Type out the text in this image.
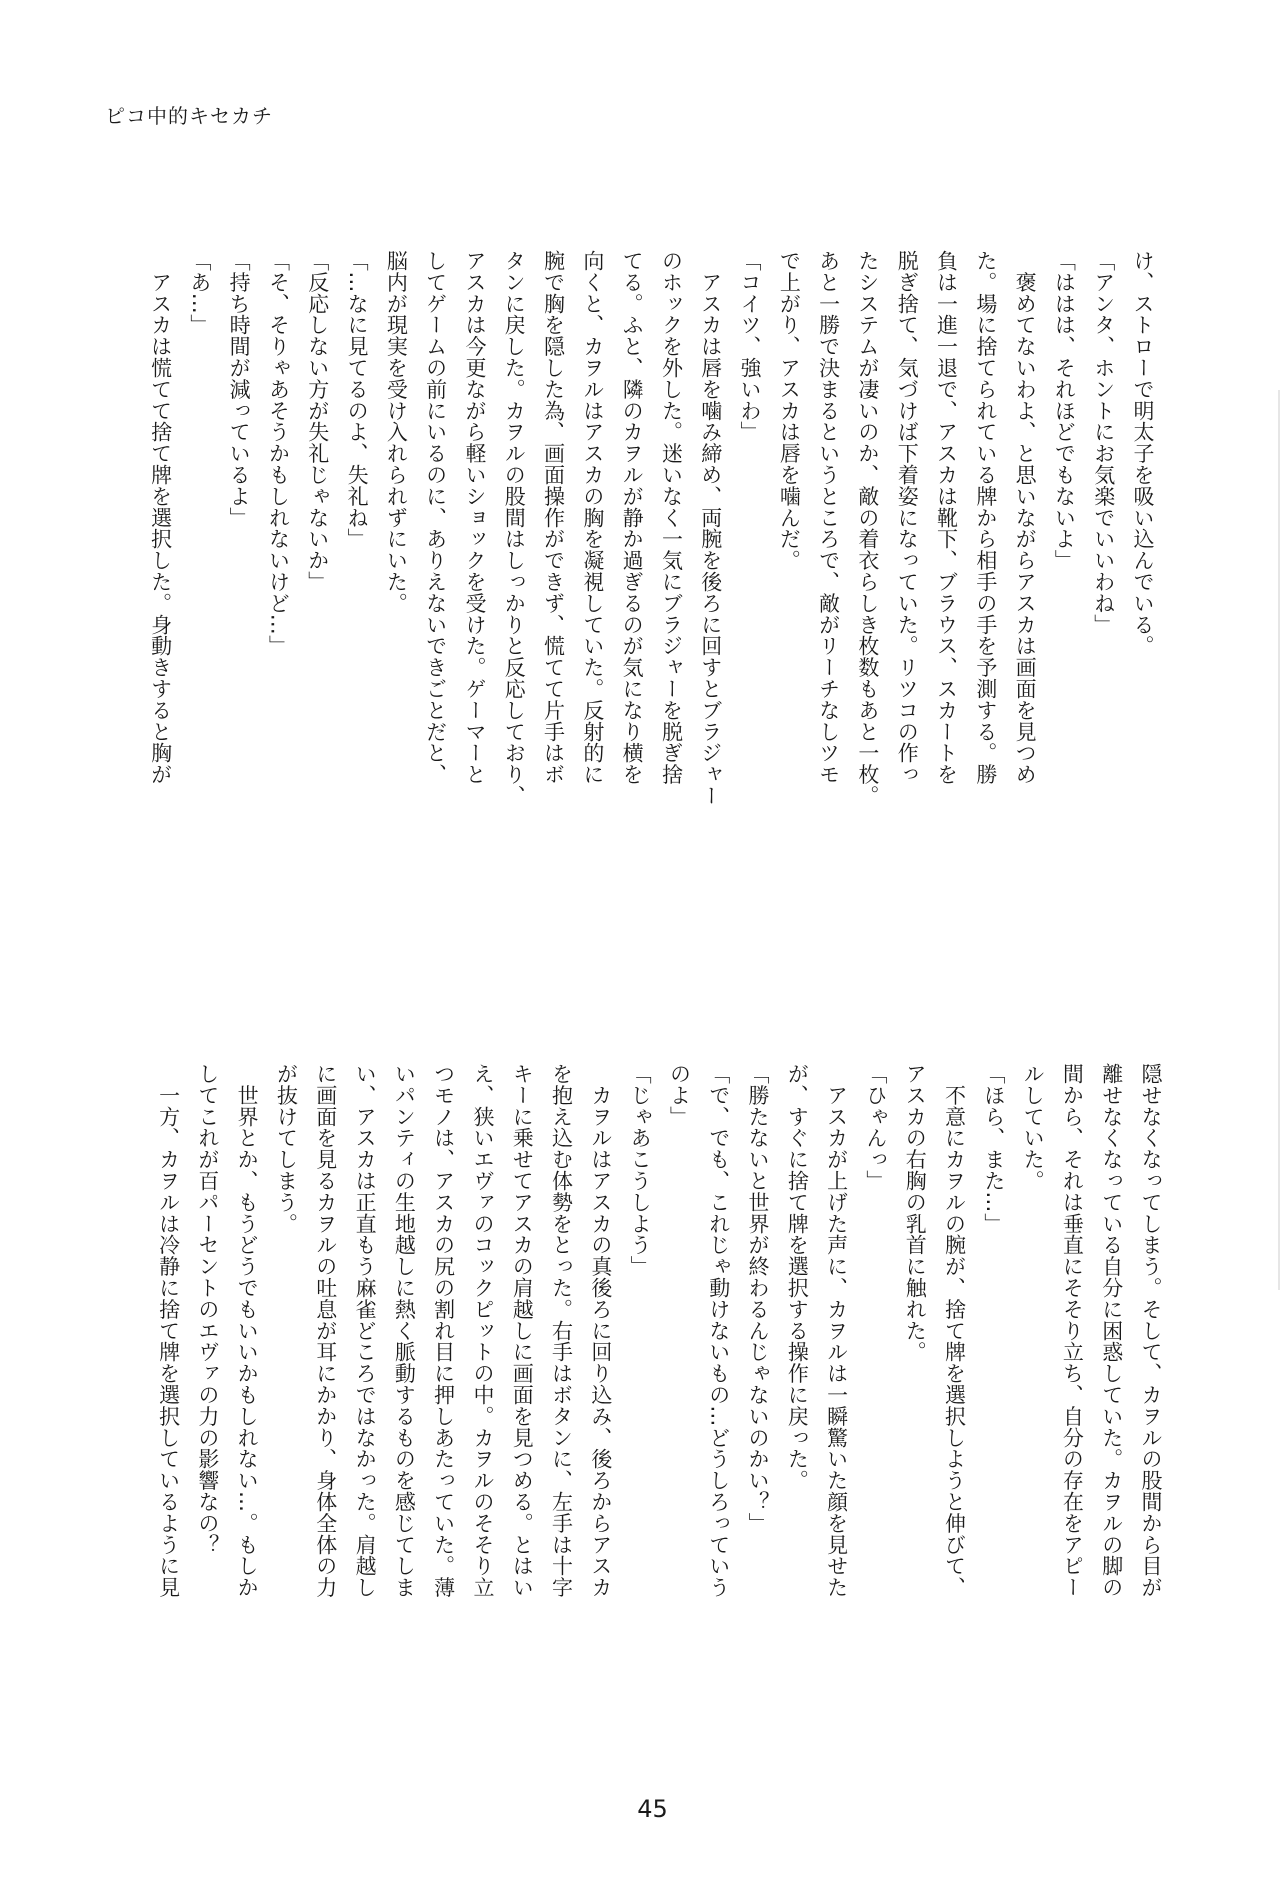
ピコ中的キセカチ
け、ストローで明太子を吸い込んでいる。
「アンタ、ホントにお気楽でいいわね」
「ははは、それほどでもないよ」
　褒めてないわよ、と思いながらアスカは画面を見つめ
た。場に捨てられている牌から相手の手を予測する。勝
負は一進一退で、アスカは靴下、ブラウス、スカートを
脱ぎ捨て、気づけば下着姿になっていた。リツコの作っ
たシステムが凄いのか、敵の着衣らしき枚数もあと一枚。
あと一勝で決まるというところで、敵がリーチなしツモ
で上がり、アスカは唇を噛んだ。
「コイツ、強いわ」
　アスカは唇を噛み締め、両腕を後ろに回すとブラジャー
のホックを外した。迷いなく一気にブラジャーを脱ぎ捨
てる。ふと、隣のカヲルが静か過ぎるのが気になり横を
向くと、カヲルはアスカの胸を凝視していた。反射的に
腕で胸を隠した為、画面操作ができず、慌てて片手はボ
タンに戻した。カヲルの股間はしっかりと反応しており、
アスカは今更ながら軽いショックを受けた。ゲーマーと
してゲームの前にいるのに、ありえないできごとだと、
脳内が現実を受け入れられずにいた。
「…なに見てるのよ、失礼ね」
「反応しない方が失礼じゃないか」
「そ、そりゃあそうかもしれないけど…」
「持ち時間が減っているよ」
「あ…」
　アスカは慌てて捨て牌を選択した。身動きすると胸が
隠せなくなってしまう。そして、カヲルの股間から目が
離せなくなっている自分に困惑していた。カヲルの脚の
間から、それは垂直にそそり立ち、自分の存在をアピー
ルしていた。
「ほら、また…」
　不意にカヲルの腕が、捨て牌を選択しようと伸びて、
アスカの右胸の乳首に触れた。
「ひゃんっ」
　アスカが上げた声に、カヲルは一瞬驚いた顔を見せた
が、すぐに捨て牌を選択する操作に戻った。
「勝たないと世界が終わるんじゃないのかい？」
「で、でも、これじゃ動けないもの…どうしろっていう
のよ」
「じゃあこうしよう」
　カヲルはアスカの真後ろに回り込み、後ろからアスカ
を抱え込む体勢をとった。右手はボタンに、左手は十字
キーに乗せてアスカの肩越しに画面を見つめる。とはい
え、狭いエヴァのコックピットの中。カヲルのそそり立
つモノは、アスカの尻の割れ目に押しあたっていた。薄
いパンティの生地越しに熱く脈動するものを感じてしま
い、アスカは正直もう麻雀どころではなかった。肩越し
に画面を見るカヲルの吐息が耳にかかり、身体全体の力
が抜けてしまう。
　世界とか、もうどうでもいいかもしれない…。もしか
してこれが百パーセントのエヴァの力の影響なの？
　一方、カヲルは冷静に捨て牌を選択しているように見
45
